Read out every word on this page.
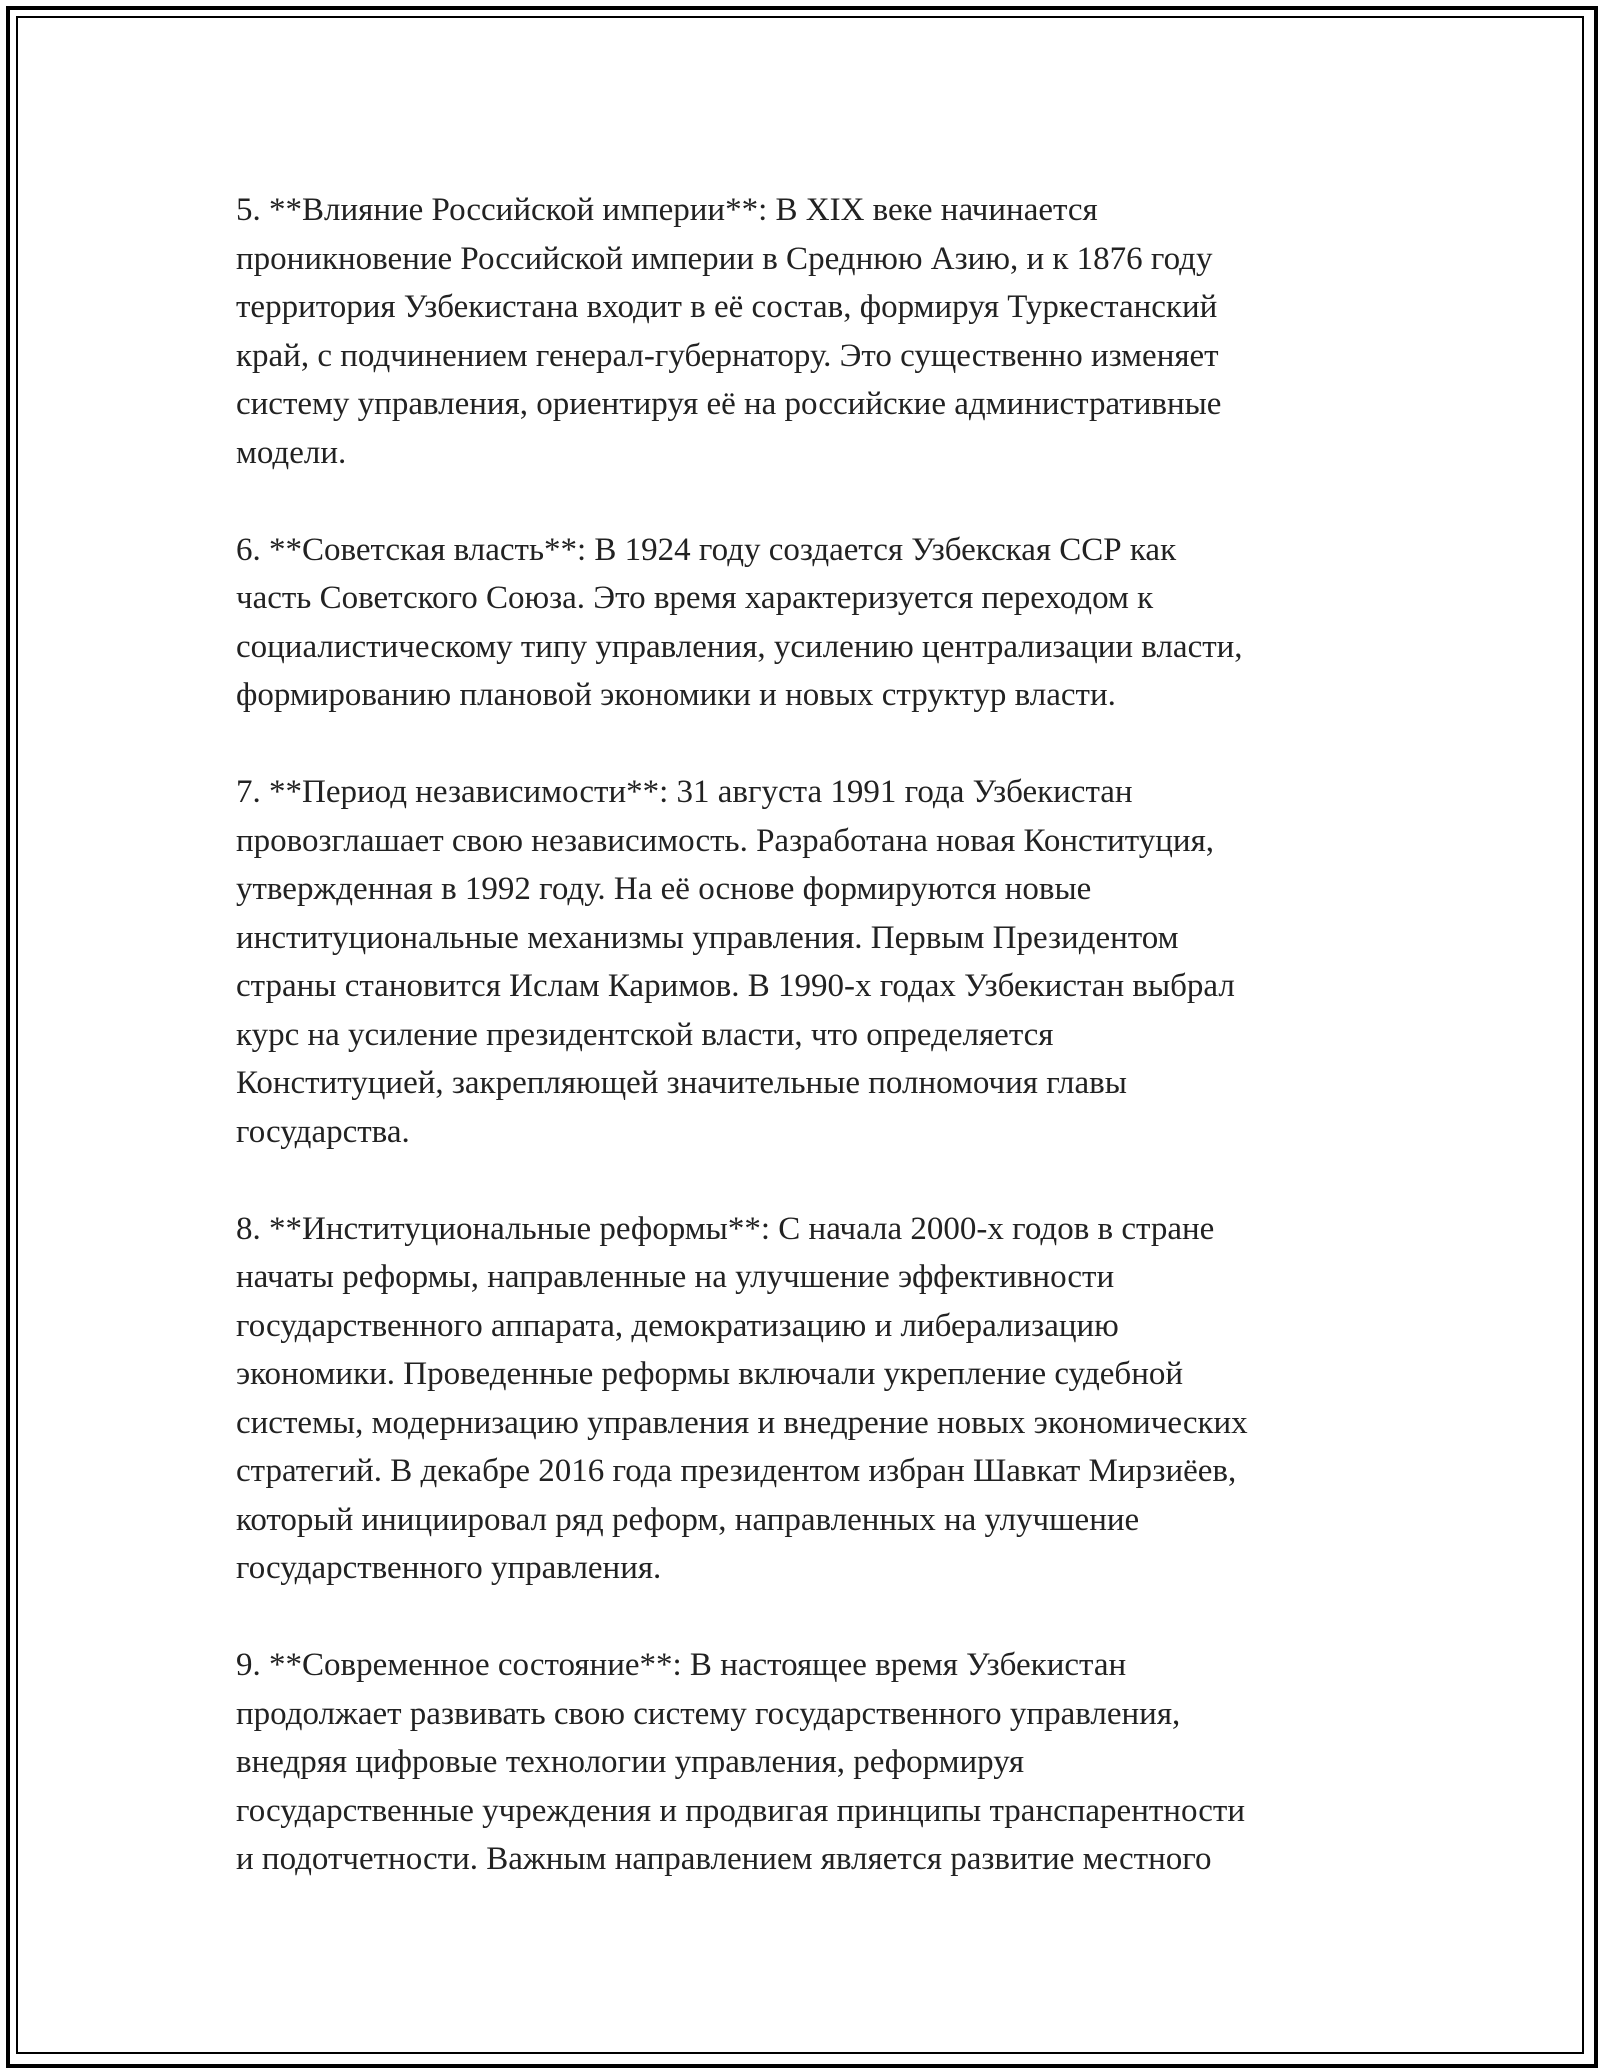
5. **Влияние Российской империи**: В XIX веке начинается
проникновение Российской империи в Среднюю Азию, и к 1876 году
территория Узбекистана входит в её состав, формируя Туркестанский
край, с подчинением генерал-губернатору. Это существенно изменяет
систему управления, ориентируя её на российские административные
модели.
6. **Советская власть**: В 1924 году создается Узбекская ССР как
часть Советского Союза. Это время характеризуется переходом к
социалистическому типу управления, усилению централизации власти,
формированию плановой экономики и новых структур власти.
7. **Период независимости**: 31 августа 1991 года Узбекистан
провозглашает свою независимость. Разработана новая Конституция,
утвержденная в 1992 году. На её основе формируются новые
институциональные механизмы управления. Первым Президентом
страны становится Ислам Каримов. В 1990-х годах Узбекистан выбрал
курс на усиление президентской власти, что определяется
Конституцией, закрепляющей значительные полномочия главы
государства.
8. **Институциональные реформы**: С начала 2000-х годов в стране
начаты реформы, направленные на улучшение эффективности
государственного аппарата, демократизацию и либерализацию
экономики. Проведенные реформы включали укрепление судебной
системы, модернизацию управления и внедрение новых экономических
стратегий. В декабре 2016 года президентом избран Шавкат Мирзиёев,
который инициировал ряд реформ, направленных на улучшение
государственного управления.
9. **Современное состояние**: В настоящее время Узбекистан
продолжает развивать свою систему государственного управления,
внедряя цифровые технологии управления, реформируя
государственные учреждения и продвигая принципы транспарентности
и подотчетности. Важным направлением является развитие местного
